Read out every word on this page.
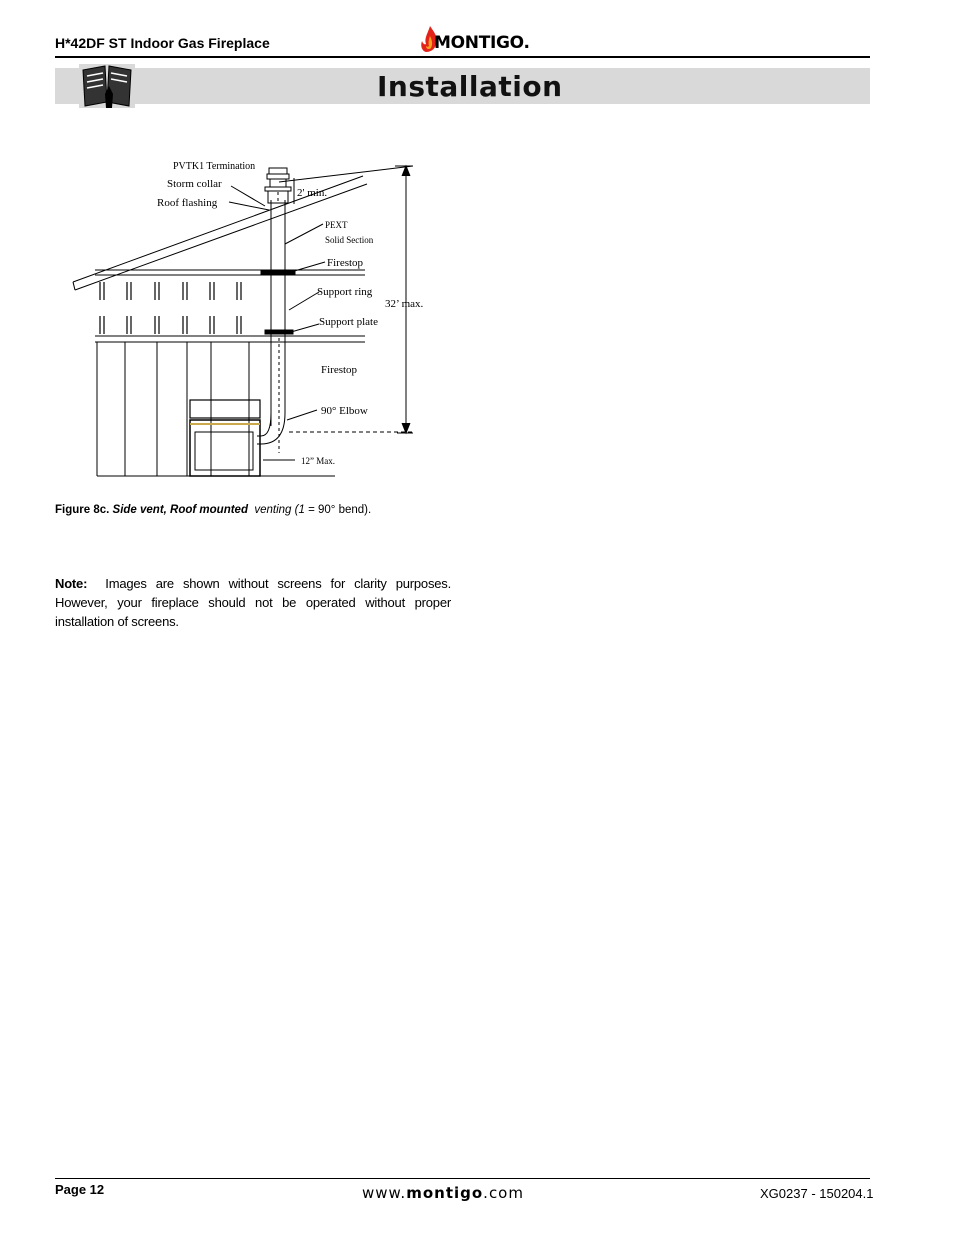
H*42DF ST Indoor Gas Fireplace	MONTIGO.
Installation
PVTK1 Termination
Storm collar
Roof flashing
2' min.
PEXT
Solid Section
Firestop
Support ring
32’ max.
Support plate
Firestop
90° Elbow
12” Max.
Figure 8c. Side vent, Roof mounted venting (1 = 90° bend).
Note: Images are shown without screens for clarity purposes. However, your fireplace should not be operated without proper installation of screens.
Page 12	www.montigo.com	XG0237 - 150204.1
